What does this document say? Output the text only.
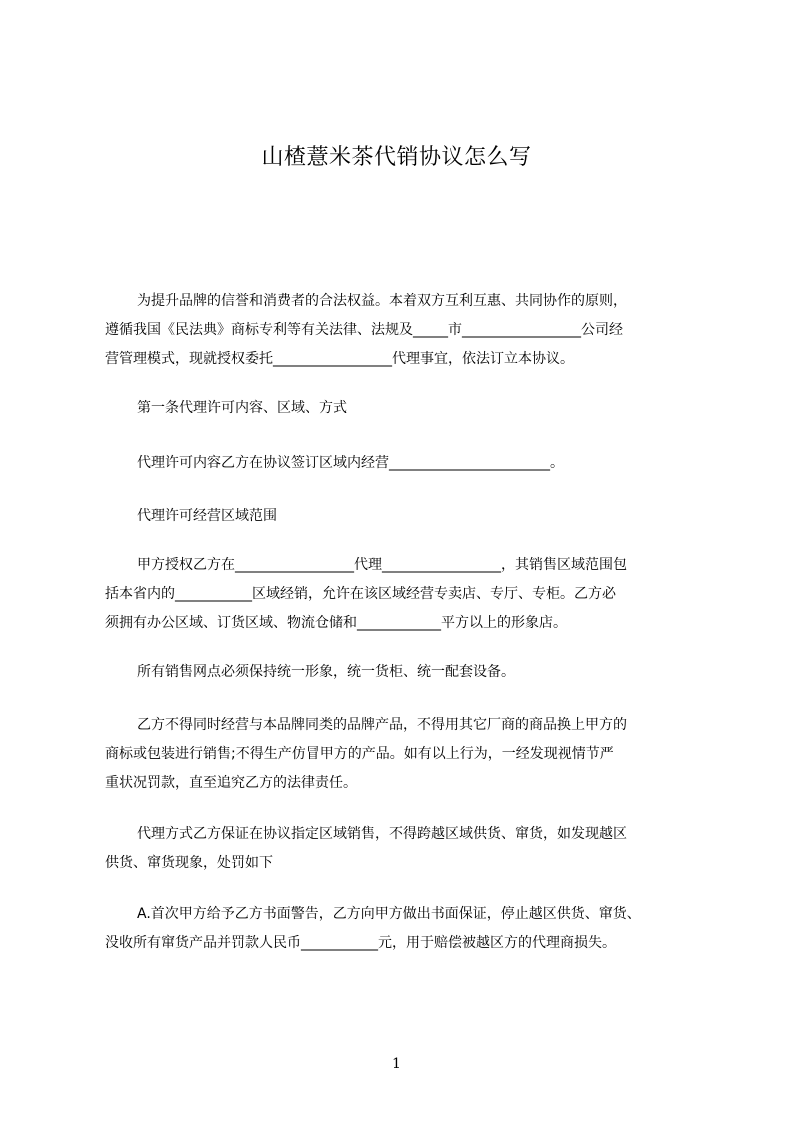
山楂薏米茶代销协议怎么写
为提升品牌的信誉和消费者的合法权益。本着双方互利互惠、共同协作的原则，
遵循我国《民法典》商标专利等有关法律、法规及_____市_________________公司经
营管理模式，现就授权委托_________________代理事宜，依法订立本协议。
第一条代理许可内容、区域、方式
代理许可内容乙方在协议签订区域内经营_______________________。
代理许可经营区域范围
甲方授权乙方在_________________代理_________________，其销售区域范围包
括本省内的___________区域经销，允许在该区域经营专卖店、专厅、专柜。乙方必
须拥有办公区域、订货区域、物流仓储和____________平方以上的形象店。
所有销售网点必须保持统一形象，统一货柜、统一配套设备。
乙方不得同时经营与本品牌同类的品牌产品，不得用其它厂商的商品换上甲方的
商标或包装进行销售;不得生产仿冒甲方的产品。如有以上行为，一经发现视情节严
重状况罚款，直至追究乙方的法律责任。
代理方式乙方保证在协议指定区域销售，不得跨越区域供货、窜货，如发现越区
供货、窜货现象，处罚如下
A.首次甲方给予乙方书面警告，乙方向甲方做出书面保证，停止越区供货、窜货、
没收所有窜货产品并罚款人民币___________元，用于赔偿被越区方的代理商损失。
1
